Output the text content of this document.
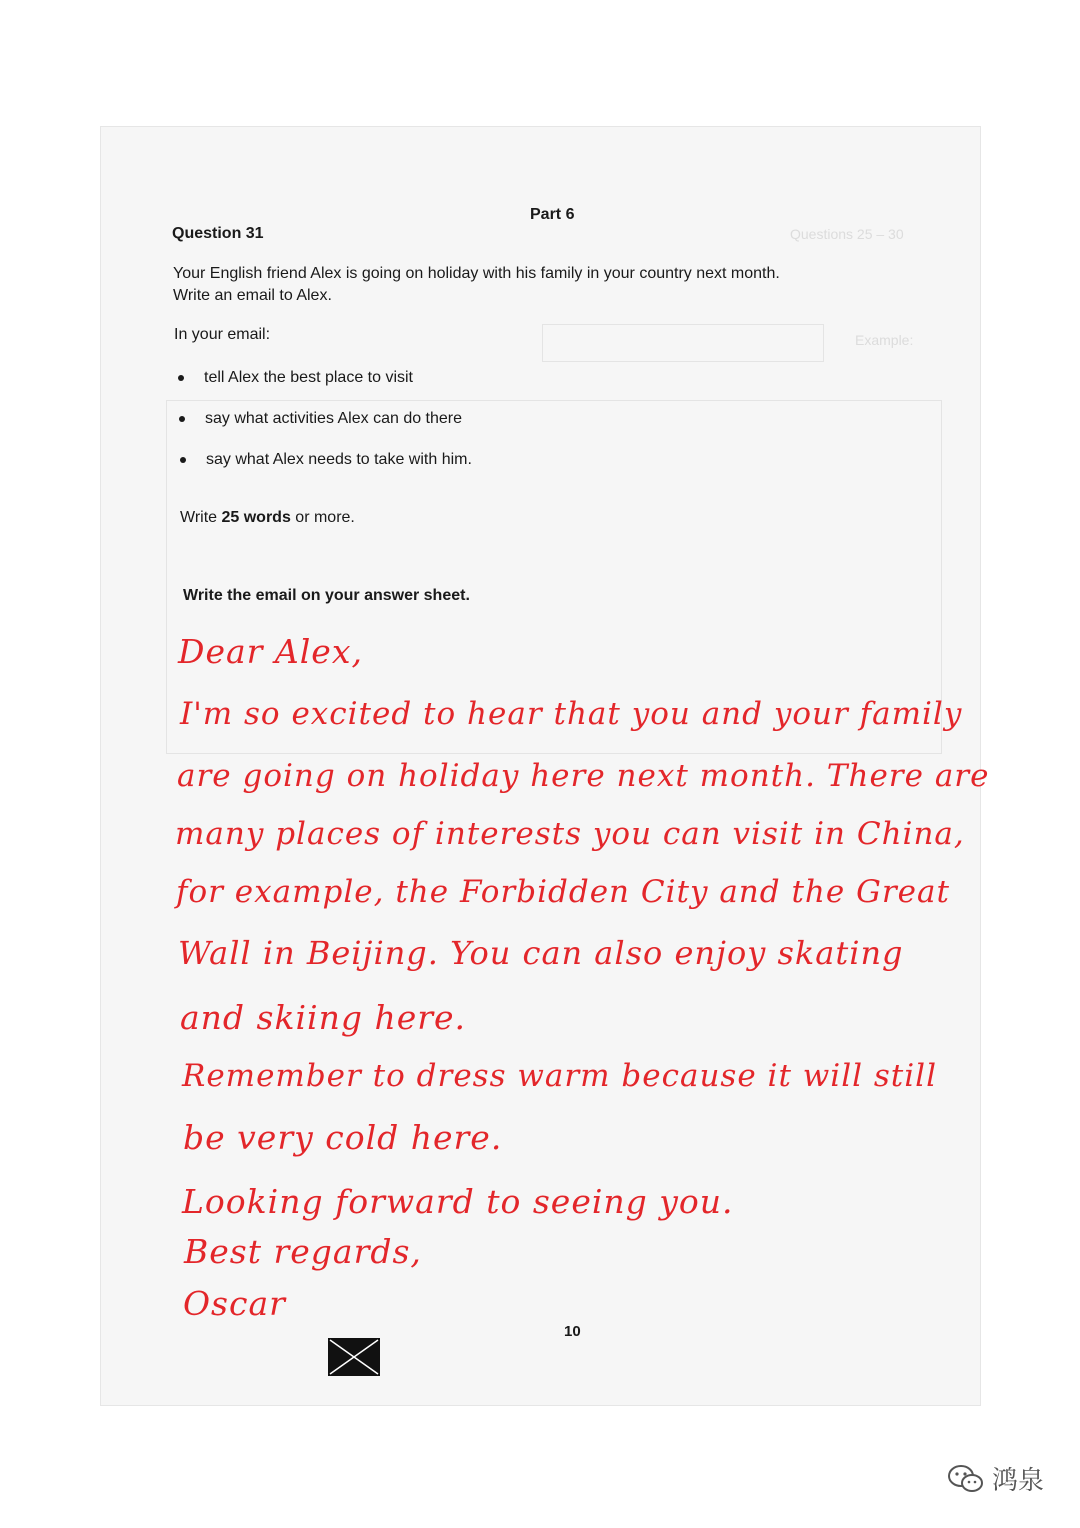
Questions 25 – 30
Example:
Part 6
Question 31
Your English friend Alex is going on holiday with his family in your country next month.
Write an email to Alex.
In your email:
tell Alex the best place to visit
say what activities Alex can do there
say what Alex needs to take with him.
Write 25 words or more.
Write the email on your answer sheet.
Dear Alex,
I'm so excited to hear that you and your family
are going on holiday here next month. There are
many places of interests you can visit in China,
for example, the Forbidden City and the Great
Wall in Beijing. You can also enjoy skating
and skiing here.
Remember to dress warm because it will still
be very cold here.
Looking forward to seeing you.
Best regards,
Oscar
10
鸿泉
